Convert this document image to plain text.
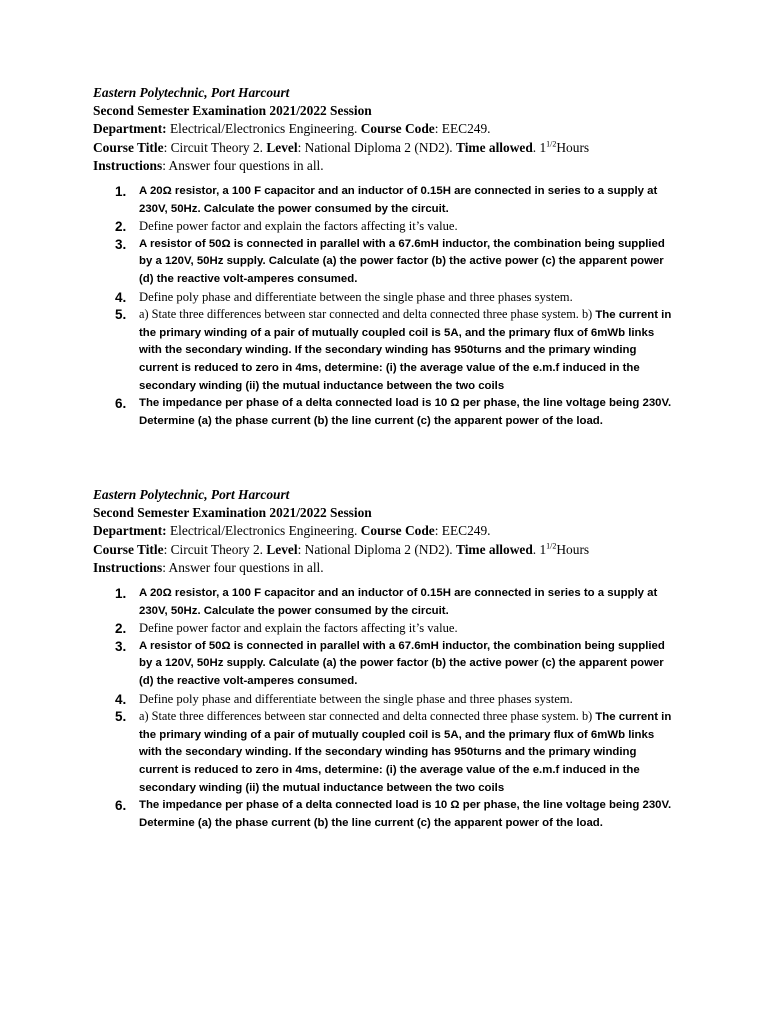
Eastern Polytechnic, Port Harcourt
Second Semester Examination 2021/2022 Session
Department: Electrical/Electronics Engineering. Course Code: EEC249.
Course Title: Circuit Theory 2. Level: National Diploma 2 (ND2). Time allowed. $1^{1/2}Hours$
Instructions: Answer four questions in all.
1. A 20Ω resistor, a 100 F capacitor and an inductor of 0.15H are connected in series to a supply at 230V, 50Hz. Calculate the power consumed by the circuit.
2. Define power factor and explain the factors affecting it’s value.
3. A resistor of 50Ω is connected in parallel with a 67.6mH inductor, the combination being supplied by a 120V, 50Hz supply. Calculate (a) the power factor (b) the active power (c) the apparent power (d) the reactive volt-amperes consumed.
4. Define poly phase and differentiate between the single phase and three phases system.
5. a) State three differences between star connected and delta connected three phase system. b) The current in the primary winding of a pair of mutually coupled coil is 5A, and the primary flux of 6mWb links with the secondary winding. If the secondary winding has 950turns and the primary winding current is reduced to zero in 4ms, determine: (i) the average value of the e.m.f induced in the secondary winding (ii) the mutual inductance between the two coils
6. The impedance per phase of a delta connected load is 10 Ω per phase, the line voltage being 230V. Determine (a) the phase current (b) the line current (c) the apparent power of the load.
Eastern Polytechnic, Port Harcourt
Second Semester Examination 2021/2022 Session
Department: Electrical/Electronics Engineering. Course Code: EEC249.
Course Title: Circuit Theory 2. Level: National Diploma 2 (ND2). Time allowed. $1^{1/2}Hours$
Instructions: Answer four questions in all.
1. A 20Ω resistor, a 100 F capacitor and an inductor of 0.15H are connected in series to a supply at 230V, 50Hz. Calculate the power consumed by the circuit.
2. Define power factor and explain the factors affecting it’s value.
3. A resistor of 50Ω is connected in parallel with a 67.6mH inductor, the combination being supplied by a 120V, 50Hz supply. Calculate (a) the power factor (b) the active power (c) the apparent power (d) the reactive volt-amperes consumed.
4. Define poly phase and differentiate between the single phase and three phases system.
5. a) State three differences between star connected and delta connected three phase system. b) The current in the primary winding of a pair of mutually coupled coil is 5A, and the primary flux of 6mWb links with the secondary winding. If the secondary winding has 950turns and the primary winding current is reduced to zero in 4ms, determine: (i) the average value of the e.m.f induced in the secondary winding (ii) the mutual inductance between the two coils
6. The impedance per phase of a delta connected load is 10 Ω per phase, the line voltage being 230V. Determine (a) the phase current (b) the line current (c) the apparent power of the load.
